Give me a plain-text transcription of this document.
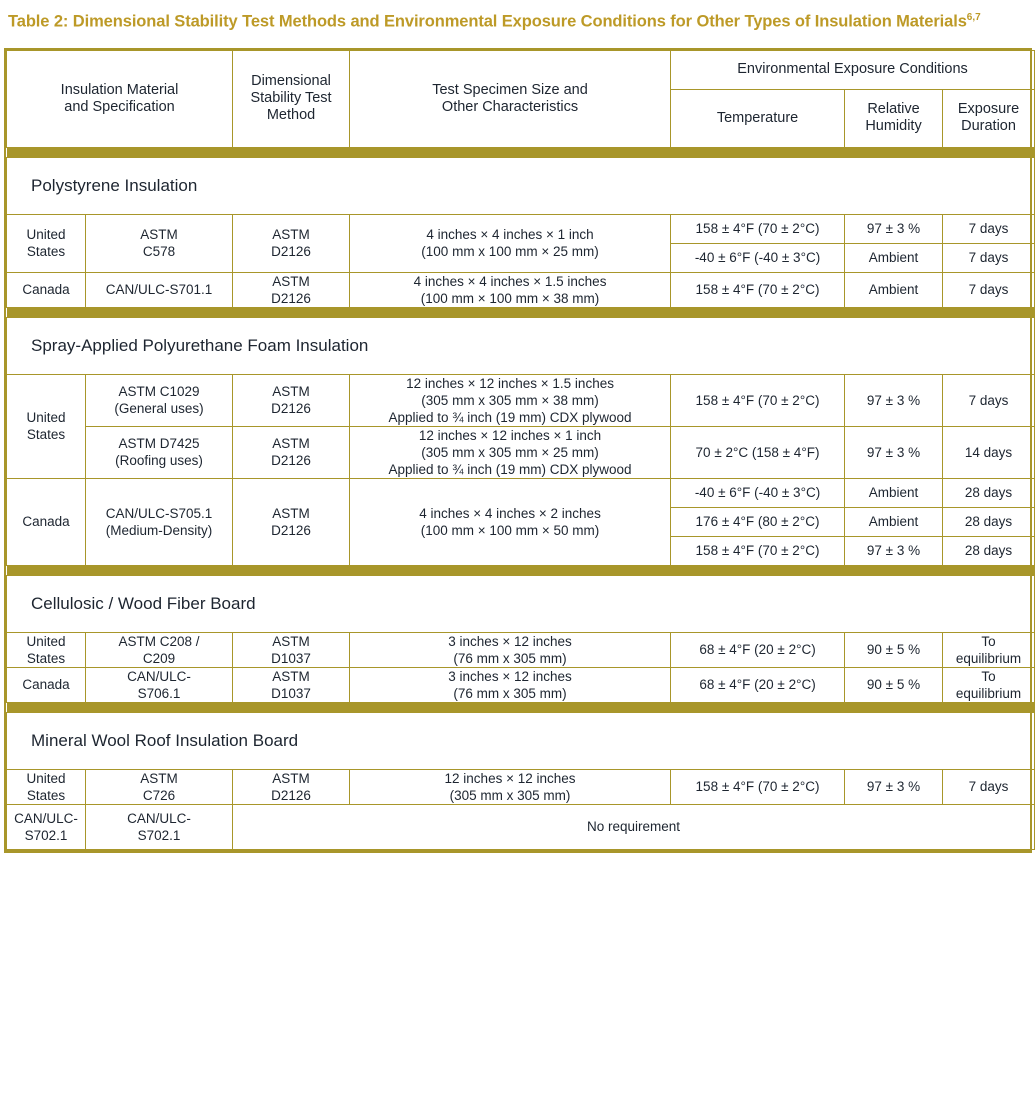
Table 2: Dimensional Stability Test Methods and Environmental Exposure Conditions for Other Types of Insulation Materials$^{6,7}$
Insulation Material
and Specification		Dimensional
Stability Test
Method	Test Specimen Size and
Other Characteristics	Environmental Exposure Conditions		
				Temperature	Relative
Humidity	Exposure
Duration

Polystyrene Insulation						

United
States	ASTM
C578	ASTM
D2126	4 inches × 4 inches × 1 inch
(100 mm x 100 mm × 25 mm)	158 ± 4°F (70 ± 2°C)	97 ± 3 %	7 days
				-40 ± 6°F (-40 ± 3°C)	Ambient	7 days

Canada	CAN/ULC-S701.1	ASTM
D2126	4 inches × 4 inches × 1.5 inches
(100 mm × 100 mm × 38 mm)	158 ± 4°F (70 ± 2°C)	Ambient	7 days

Spray-Applied Polyurethane Foam Insulation						

United
States	ASTM C1029
(General uses)	ASTM
D2126	12 inches × 12 inches × 1.5 inches
(305 mm x 305 mm × 38 mm)
Applied to ¾ inch (19 mm) CDX plywood	158 ± 4°F (70 ± 2°C)	97 ± 3 %	7 days

	ASTM D7425
(Roofing uses)	ASTM
D2126	12 inches × 12 inches × 1 inch
(305 mm x 305 mm × 25 mm)
Applied to ¾ inch (19 mm) CDX plywood	70 ± 2°C (158 ± 4°F)	97 ± 3 %	14 days

Canada	CAN/ULC-S705.1
(Medium-Density)	ASTM
D2126	4 inches × 4 inches × 2 inches
(100 mm × 100 mm × 50 mm)	-40 ± 6°F (-40 ± 3°C)	Ambient	28 days
				176 ± 4°F (80 ± 2°C)	Ambient	28 days
				158 ± 4°F (70 ± 2°C)	97 ± 3 %	28 days

Cellulosic / Wood Fiber Board						

United
States	ASTM C208 /
C209	ASTM
D1037	3 inches × 12 inches
(76 mm x 305 mm)	68 ± 4°F (20 ± 2°C)	90 ± 5 %	To
equilibrium

Canada	CAN/ULC-
S706.1	ASTM
D1037	3 inches × 12 inches
(76 mm x 305 mm)	68 ± 4°F (20 ± 2°C)	90 ± 5 %	To
equilibrium

Mineral Wool Roof Insulation Board						

United
States	ASTM
C726	ASTM
D2126	12 inches × 12 inches
(305 mm x 305 mm)	158 ± 4°F (70 ± 2°C)	97 ± 3 %	7 days

CAN/ULC-
S702.1	CAN/ULC-
S702.1	No requirement				
